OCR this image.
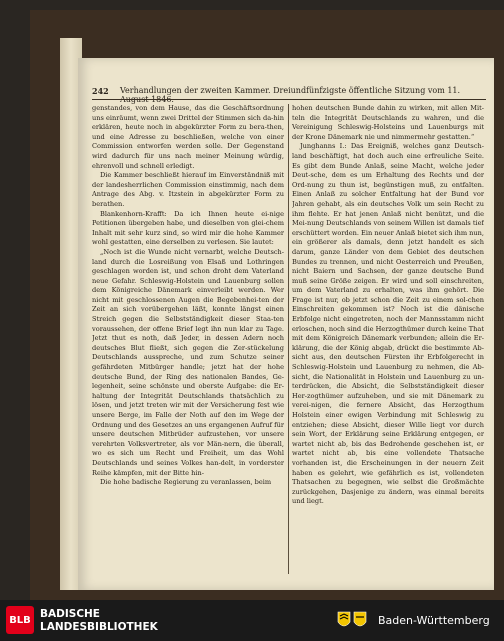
242 Verhandlungen der zweiten Kammer. Dreiundfünfzigste öffentliche Sitzung vom 11.

genstandes, von dem Hause, das die Geschäftsordnung uns einräumt, wenn zwei Drittel der Stimmen sich da-hin erklären, heute noch in abgekürzter Form zu bera-then, und eine Adresse zu beschließen, welche von einer Commission entworfen werden solle. Der Gegenstand wird dadurch für uns nach meiner Meinung würdig, ehrenvoll und schnell erledigt.

Die Kammer beschließt hierauf im Einverständniß mit der landesherrlichen Commission einstimmig, nach dem Antrage des Abg. v. Itzstein in abgekürzter Form zu berathen.

Blankenhorn-Krafft: Da ich Ihnen heute ei-nige Petitionen übergeben habe, und dieselben von glei-chem Inhalt mit sehr kurz sind, so wird mir die hohe Kammer wohl gestatten, eine derselben zu verlesen. Sie lautet:

„Noch ist die Wunde nicht vernarbt, welche Deutsch-land durch die Losreißung von Elsaß und Lothringen geschlagen worden ist, und schon droht dem Vaterland neue Gefahr. Schleswig-Holstein und Lauenburg sollen dem Königreiche Dänemark einverleibt werden. Wer nicht mit geschlossenen Augen die Begebenhei-ten der Zeit an sich vorübergehen läßt, konnte längst einen Streich gegen die Selbstständigkeit dieser Staa-ten voraussehen, der offene Brief legt ihn nun klar zu Tage. Jetzt thut es noth, daß Jeder, in dessen Adern noch deutsches Blut fließt, sich gegen die Zer-stückelung Deutschlands ausspreche, und zum Schutze seiner gefährdeten Mitbürger handle; jetzt hat der hohe deutsche Bund, der Ring des nationalen Bandes, Ge-legenheit, seine schönste und oberste Aufgabe: die Er-haltung der Integrität Deutschlands thatsächlich zu lösen, und jetzt treten wir mit der Versicherung fest wie unsere Berge, im Falle der Noth auf den im Wege der Ordnung und des Gesetzes an uns ergangenen Aufruf für unsere deutschen Mitbrüder aufzustehen, vor unsere verehrten Volksvertreter, als vor Män-nern, die überall, wo es sich um Recht und Freiheit, um das Wohl Deutschlands und seines Volkes han-delt, in vorderster Reihe kämpfen, mit der Bitte hin-

Die hohe badische Regierung zu veranlassen, beim

hohen deutschen Bunde dahin zu wirken, mit allen Mit-teln die Integrität Deutschlands zu wahren, und die Vereinigung Schleswig-Holsteins und Lauenburgs mit der Krone Dänemark nie und nimmermehr gestatten.“

Junghanns I.: Das Ereigniß, welches ganz Deutsch-land beschäftigt, hat doch auch eine erfreuliche Seite. Es gibt dem Bunde Anlaß, seine Macht, welche jeder Deut-sche, dem es um Erhaltung des Rechts und der Ord-nung zu thun ist, begünstigen muß, zu entfalten. Einen Anlaß zu solcher Entfaltung hat der Bund vor Jahren gehabt, als ein deutsches Volk um sein Recht zu ihm flehte. Er hat jenen Anlaß nicht benützt, und die Mei-nung Deutschlands von seinem Willen ist damals tief erschüttert worden. Ein neuer Anlaß bietet sich ihm nun, ein größerer als damals, denn jetzt handelt es sich darum, ganze Länder von dem Gebiet des deutschen Bundes zu trennen, und nicht Oesterreich und Preußen, nicht Baiern und Sachsen, der ganze deutsche Bund muß seine Größe zeigen. Er wird und soll einschreiten, um dem Vaterland zu erhalten, was ihm gehört. Die Frage ist nur, ob jetzt schon die Zeit zu einem sol-chen Einschreiten gekommen ist? Noch ist die dänische Erbfolge nicht eingetreten, noch der Mannsstamm nicht erloschen, noch sind die Herzogthümer durch keine That mit dem Königreich Dänemark verbunden; allein die Er-klärung, die der König abgab, drückt die bestimmte Ab-sicht aus, den deutschen Fürsten ihr Erbfolgerecht in Schleswig-Holstein und Lauenburg zu nehmen, die Ab-sicht, die Nationalität in Holstein und Lauenburg zu un-terdrücken, die Absicht, die Selbstständigkeit dieser Her-zogthümer aufzuheben, und sie mit Dänemark zu verei-nigen, die fernere Absicht, das Herzogthum Holstein einer ewigen Verbindung mit Schleswig zu entziehen; diese Absicht, dieser Wille liegt vor durch sein Wort, der Erklärung seine Erklärung entgegen, er wartet nicht ab, bis das Bedrohende geschehen ist, er wartet nicht ab, bis eine vollendete Thatsache vorhanden ist, die Erscheinungen in der neuern Zeit haben es gelehrt, wie gefährlich es ist, vollendeten Thatsachen zu begegnen, wie selbst die Großmächte zurückgehen, Dasjenige zu ändern, was einmal bereits und liegt.

BLB BADISCHE
LANDESBIBLIOTHEK	Baden-Württemberg
